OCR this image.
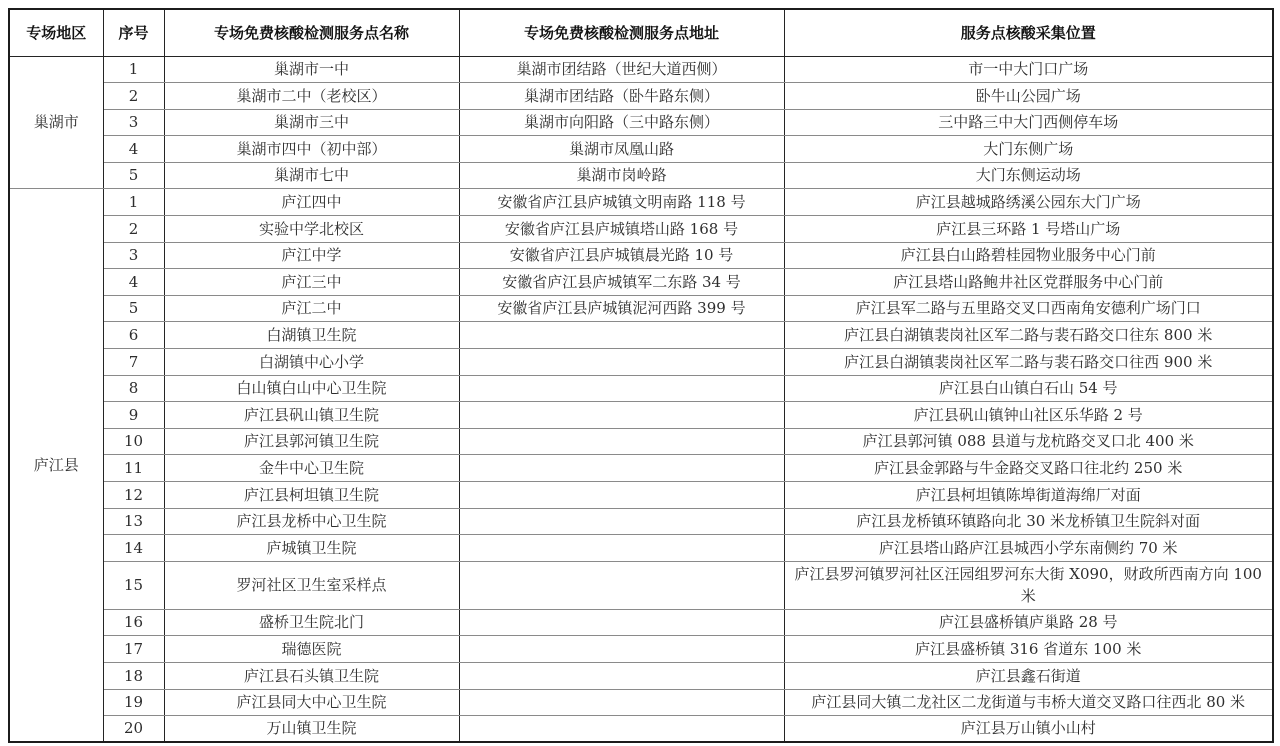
专场地区	序号	专场免费核酸检测服务点名称	专场免费核酸检测服务点地址	服务点核酸采集位置
巢湖市	1	巢湖市一中	巢湖市团结路（世纪大道西侧）	市一中大门口广场
	2	巢湖市二中（老校区）	巢湖市团结路（卧牛路东侧）	卧牛山公园广场
	3	巢湖市三中	巢湖市向阳路（三中路东侧）	三中路三中大门西侧停车场
	4	巢湖市四中（初中部）	巢湖市凤凰山路	大门东侧广场
	5	巢湖市七中	巢湖市岗岭路	大门东侧运动场
庐江县	1	庐江四中	安徽省庐江县庐城镇文明南路 118 号	庐江县越城路绣溪公园东大门广场
	2	实验中学北校区	安徽省庐江县庐城镇塔山路 168 号	庐江县三环路 1 号塔山广场
	3	庐江中学	安徽省庐江县庐城镇晨光路 10 号	庐江县白山路碧桂园物业服务中心门前
	4	庐江三中	安徽省庐江县庐城镇军二东路 34 号	庐江县塔山路鲍井社区党群服务中心门前
	5	庐江二中	安徽省庐江县庐城镇泥河西路 399 号	庐江县军二路与五里路交叉口西南角安德利广场门口
	6	白湖镇卫生院		庐江县白湖镇裴岗社区军二路与裴石路交口往东 800 米
	7	白湖镇中心小学		庐江县白湖镇裴岗社区军二路与裴石路交口往西 900 米
	8	白山镇白山中心卫生院		庐江县白山镇白石山 54 号
	9	庐江县矾山镇卫生院		庐江县矾山镇钟山社区乐华路 2 号
	10	庐江县郭河镇卫生院		庐江县郭河镇 088 县道与龙杭路交叉口北 400 米
	11	金牛中心卫生院		庐江县金郭路与牛金路交叉路口往北约 250 米
	12	庐江县柯坦镇卫生院		庐江县柯坦镇陈埠街道海绵厂对面
	13	庐江县龙桥中心卫生院		庐江县龙桥镇环镇路向北 30 米龙桥镇卫生院斜对面
	14	庐城镇卫生院		庐江县塔山路庐江县城西小学东南侧约 70 米
	15	罗河社区卫生室采样点		庐江县罗河镇罗河社区汪园组罗河东大街 X090，财政所西南方向 100 米
	16	盛桥卫生院北门		庐江县盛桥镇庐巢路 28 号
	17	瑞德医院		庐江县盛桥镇 316 省道东 100 米
	18	庐江县石头镇卫生院		庐江县鑫石街道
	19	庐江县同大中心卫生院		庐江县同大镇二龙社区二龙街道与韦桥大道交叉路口往西北 80 米
	20	万山镇卫生院		庐江县万山镇小山村
